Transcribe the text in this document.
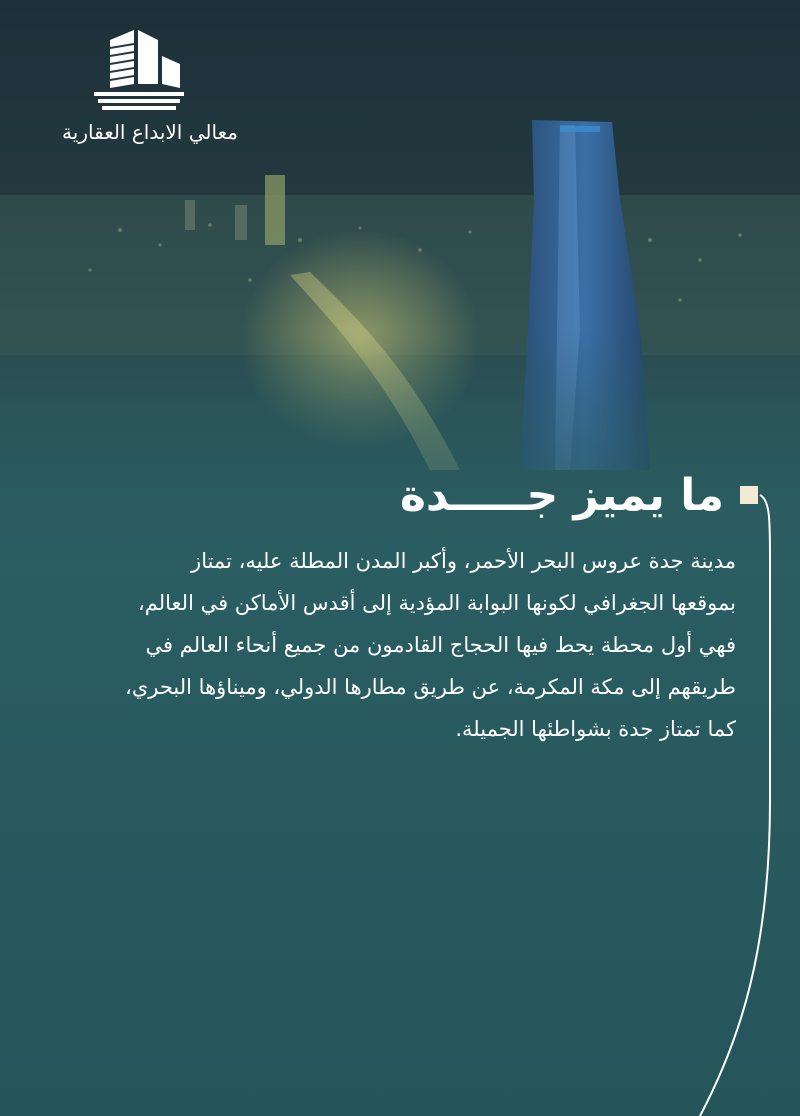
معالي الابداع العقارية
ما يميز جـــــدة

مدينة جدة عروس البحر الأحمر، وأكبر المدن المطلة عليه، تمتاز

بموقعها الجغرافي لكونها البوابة المؤدية إلى أقدس الأماكن في العالم،

فهي أول محطة يحط فيها الحجاج القادمون من جميع أنحاء العالم في

طريقهم إلى مكة المكرمة، عن طريق مطارها الدولي، وميناؤها البحري،

كما تمتاز جدة بشواطئها الجميلة.
